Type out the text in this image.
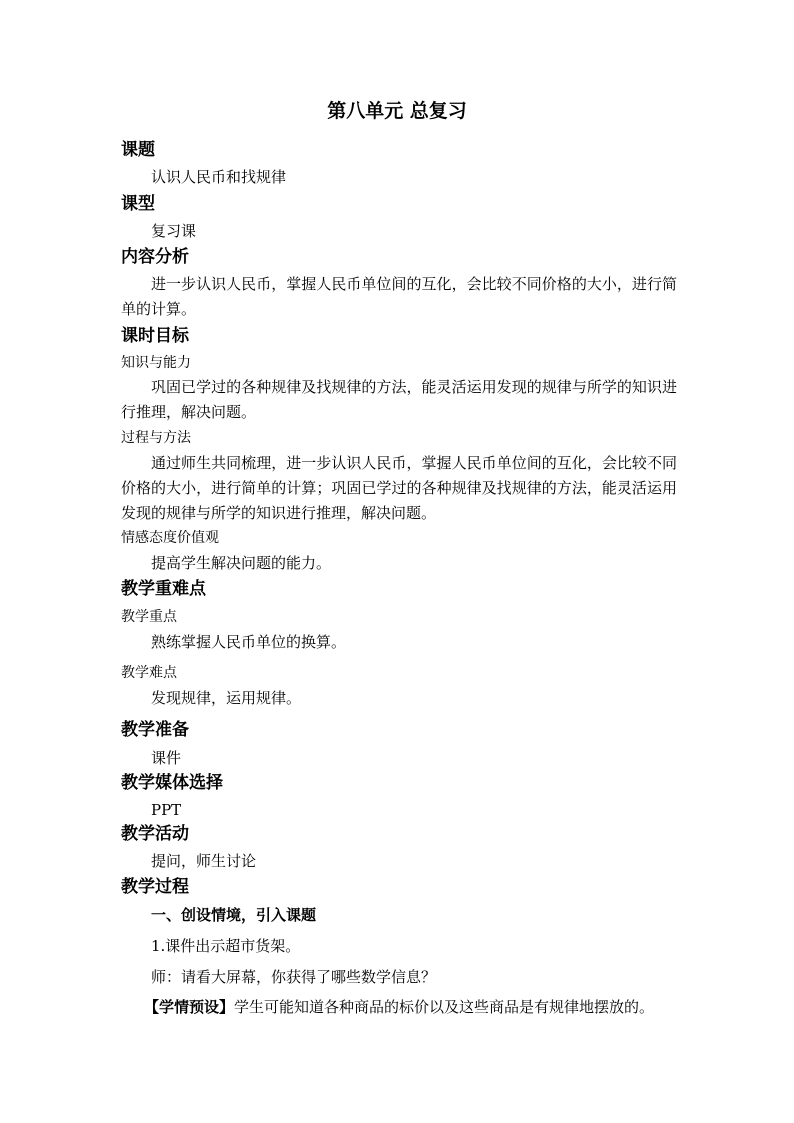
第八单元 总复习
课题
认识人民币和找规律
课型
复习课
内容分析
进一步认识人民币，掌握人民币单位间的互化，会比较不同价格的大小，进行简单的计算。
课时目标
知识与能力
巩固已学过的各种规律及找规律的方法，能灵活运用发现的规律与所学的知识进行推理，解决问题。
过程与方法
通过师生共同梳理，进一步认识人民币，掌握人民币单位间的互化，会比较不同价格的大小，进行简单的计算；巩固已学过的各种规律及找规律的方法，能灵活运用发现的规律与所学的知识进行推理，解决问题。
情感态度价值观
提高学生解决问题的能力。
教学重难点
教学重点
熟练掌握人民币单位的换算。
教学难点
发现规律，运用规律。
教学准备
课件
教学媒体选择
PPT
教学活动
提问，师生讨论
教学过程
一、创设情境，引入课题
1.课件出示超市货架。
师：请看大屏幕，你获得了哪些数学信息？
【学情预设】学生可能知道各种商品的标价以及这些商品是有规律地摆放的。
